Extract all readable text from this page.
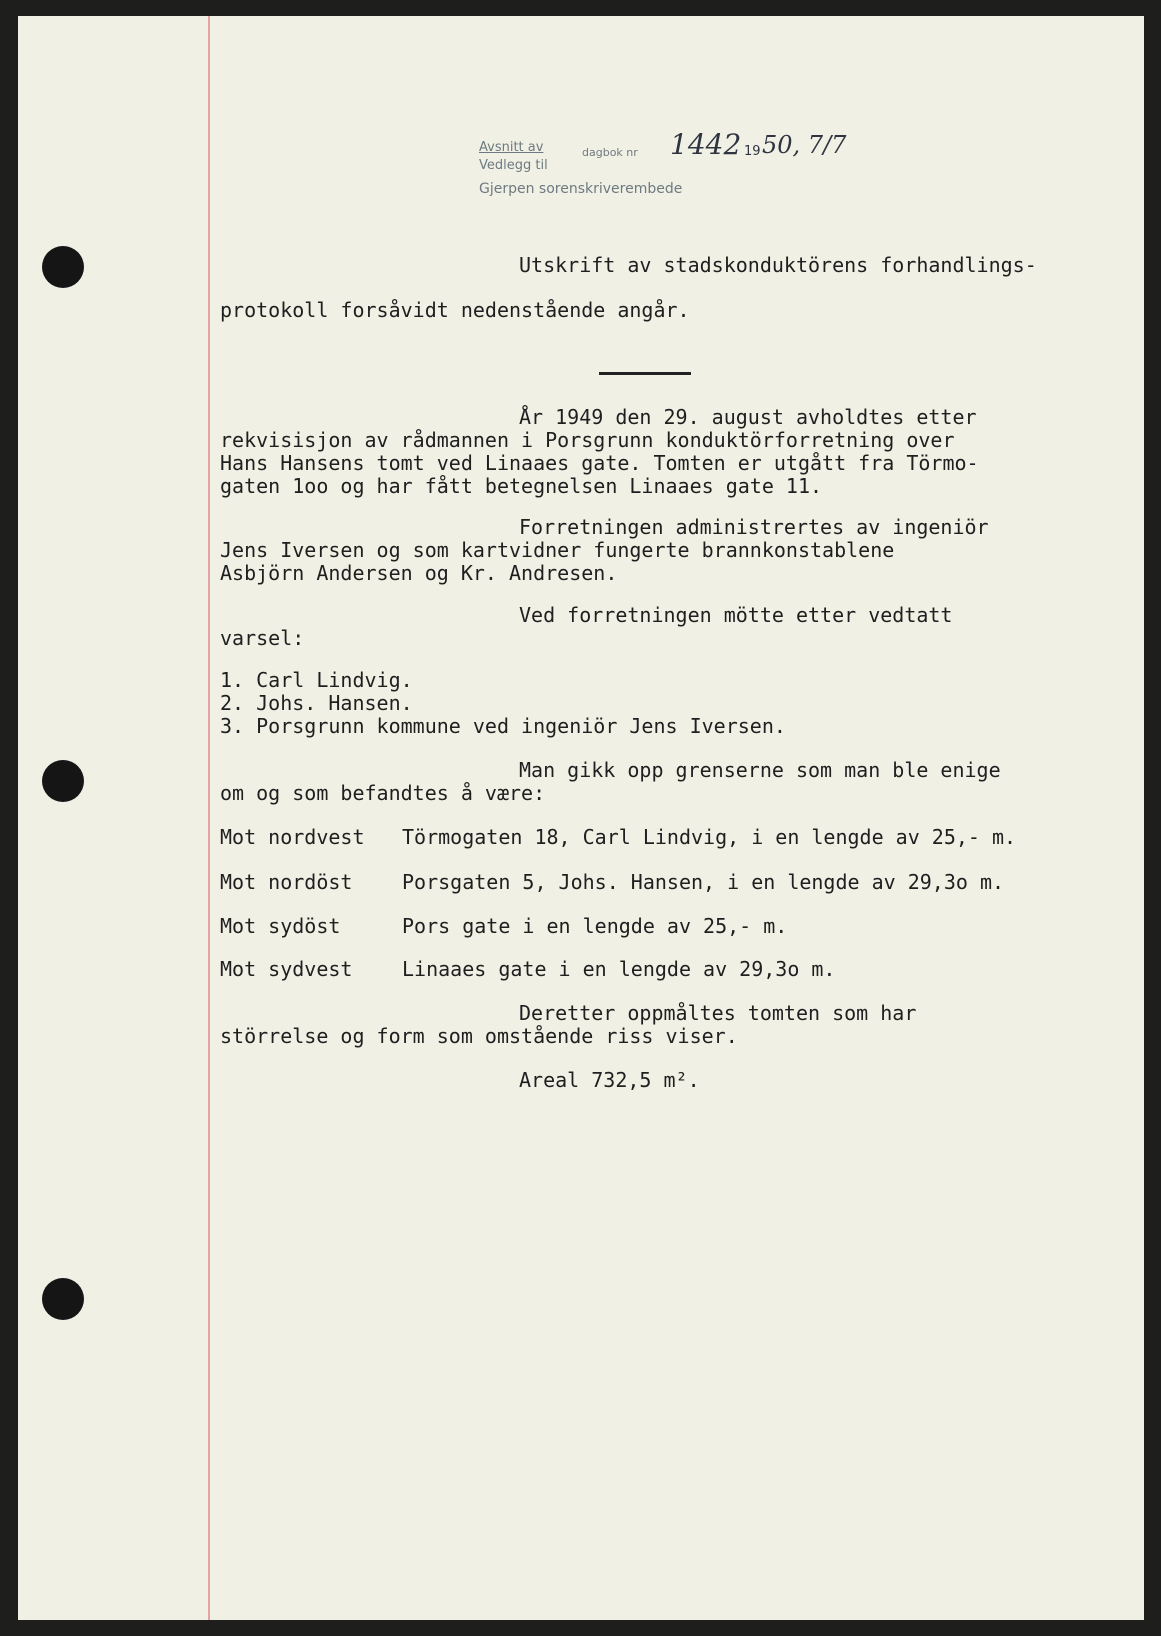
Avsnitt av	dagbok nr
Vedlegg til
Gjerpen sorenskriverembede
1442 19 50, 7/7
Utskrift av stadskonduktörens forhandlings-
protokoll forsåvidt nedenstående angår.
År 1949 den 29. august avholdtes etter
rekvisisjon av rådmannen i Porsgrunn konduktörforretning over
Hans Hansens tomt ved Linaaes gate. Tomten er utgått fra Törmo-
gaten 1oo og har fått betegnelsen Linaaes gate 11.
Forretningen administrertes av ingeniör
Jens Iversen og som kartvidner fungerte brannkonstablene
Asbjörn Andersen og Kr. Andresen.
Ved forretningen mötte etter vedtatt
varsel:
1. Carl Lindvig.
2. Johs. Hansen.
3. Porsgrunn kommune ved ingeniör Jens Iversen.
Man gikk opp grenserne som man ble enige
om og som befandtes å være:
Mot nordvest Törmogaten 18, Carl Lindvig, i en lengde av 25,- m.
Mot nordöst Porsgaten 5, Johs. Hansen, i en lengde av 29,3o m.
Mot sydöst	Pors gate i en lengde av 25,- m.
Mot sydvest Linaaes gate i en lengde av 29,3o m.
Deretter oppmåltes tomten som har
störrelse og form som omstående riss viser.
Areal 732,5 m².
